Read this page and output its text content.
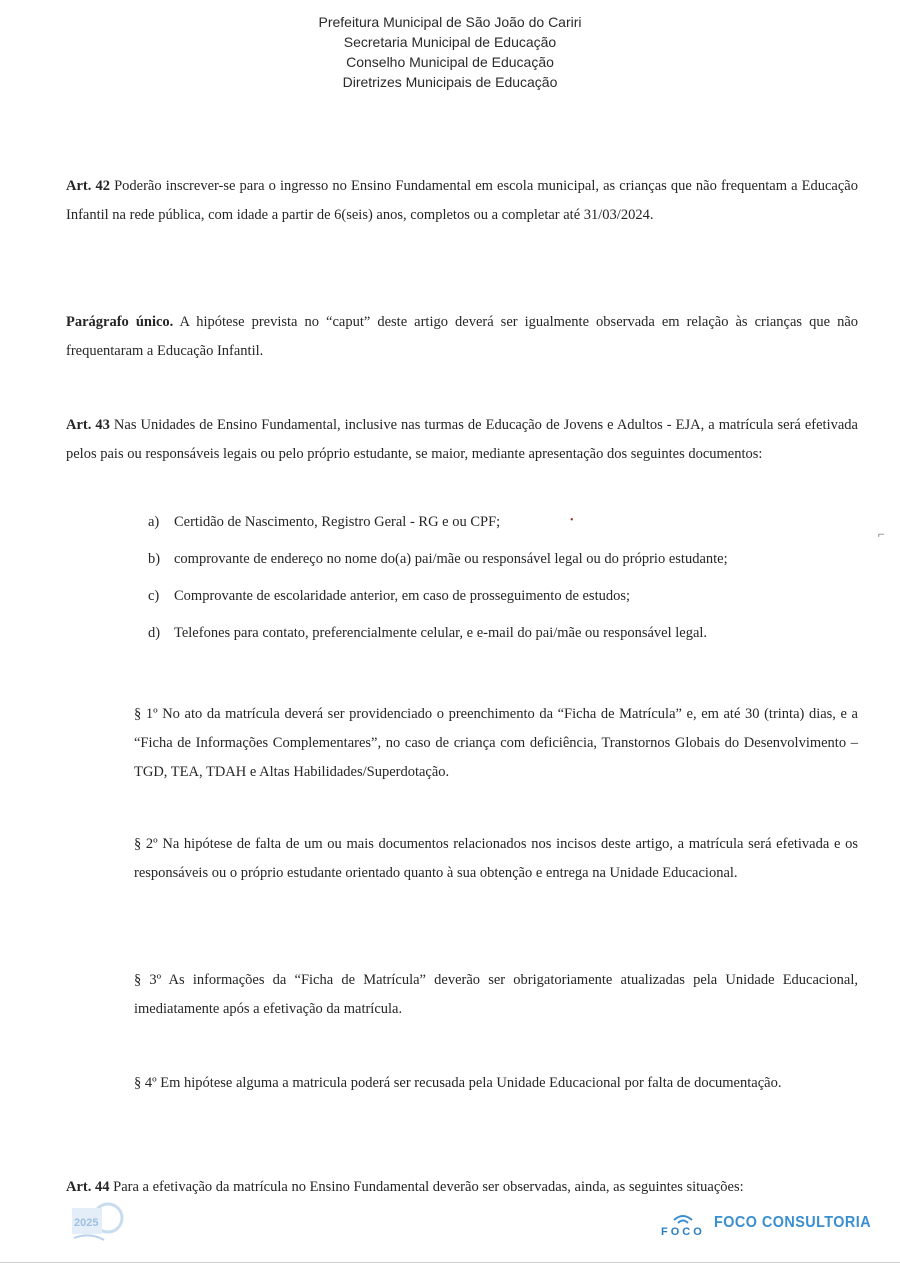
Prefeitura Municipal de São João do Cariri
Secretaria Municipal de Educação
Conselho Municipal de Educação
Diretrizes Municipais de Educação
Art. 42 Poderão inscrever-se para o ingresso no Ensino Fundamental em escola municipal, as crianças que não frequentam a Educação Infantil na rede pública, com idade a partir de 6(seis) anos, completos ou a completar até 31/03/2024.
Parágrafo único. A hipótese prevista no “caput” deste artigo deverá ser igualmente observada em relação às crianças que não frequentaram a Educação Infantil.
Art. 43 Nas Unidades de Ensino Fundamental, inclusive nas turmas de Educação de Jovens e Adultos - EJA, a matrícula será efetivada pelos pais ou responsáveis legais ou pelo próprio estudante, se maior, mediante apresentação dos seguintes documentos:
a) Certidão de Nascimento, Registro Geral - RG e ou CPF;
b) comprovante de endereço no nome do(a) pai/mãe ou responsável legal ou do próprio estudante;
c) Comprovante de escolaridade anterior, em caso de prosseguimento de estudos;
d) Telefones para contato, preferencialmente celular, e e-mail do pai/mãe ou responsável legal.
§ 1º No ato da matrícula deverá ser providenciado o preenchimento da “Ficha de Matrícula” e, em até 30 (trinta) dias, e a “Ficha de Informações Complementares”, no caso de criança com deficiência, Transtornos Globais do Desenvolvimento – TGD, TEA, TDAH e Altas Habilidades/Superdotação.
§ 2º Na hipótese de falta de um ou mais documentos relacionados nos incisos deste artigo, a matrícula será efetivada e os responsáveis ou o próprio estudante orientado quanto à sua obtenção e entrega na Unidade Educacional.
§ 3º As informações da “Ficha de Matrícula” deverão ser obrigatoriamente atualizadas pela Unidade Educacional, imediatamente após a efetivação da matrícula.
§ 4º Em hipótese alguma a matricula poderá ser recusada pela Unidade Educacional por falta de documentação.
Art. 44 Para a efetivação da matrícula no Ensino Fundamental deverão ser observadas, ainda, as seguintes situações:
•
⌐
2025
FOCO
FOCO CONSULTORIA
